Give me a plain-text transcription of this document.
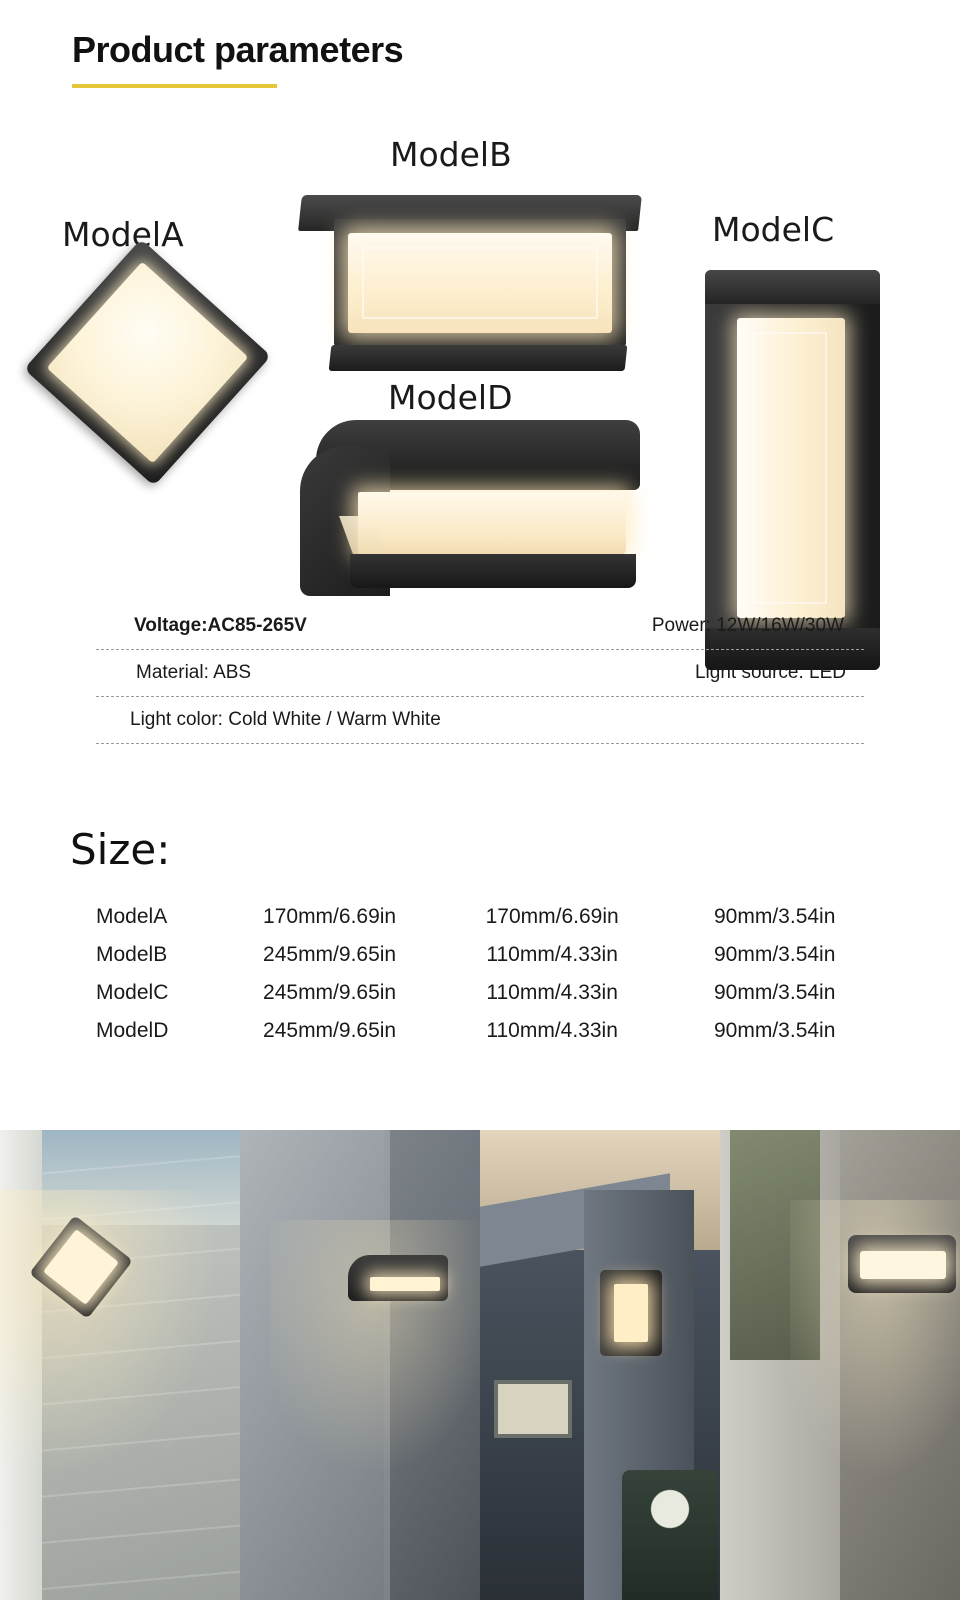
Product parameters
ModelA
ModelB
ModelC
ModelD
Voltage:AC85-265V	Power: 12W/16W/30W
Material: ABS	Light source: LED
Light color: Cold White / Warm White
Size:
ModelA	170mm/6.69in	170mm/6.69in	90mm/3.54in
ModelB	245mm/9.65in	110mm/4.33in	90mm/3.54in
ModelC	245mm/9.65in	110mm/4.33in	90mm/3.54in
ModelD	245mm/9.65in	110mm/4.33in	90mm/3.54in
